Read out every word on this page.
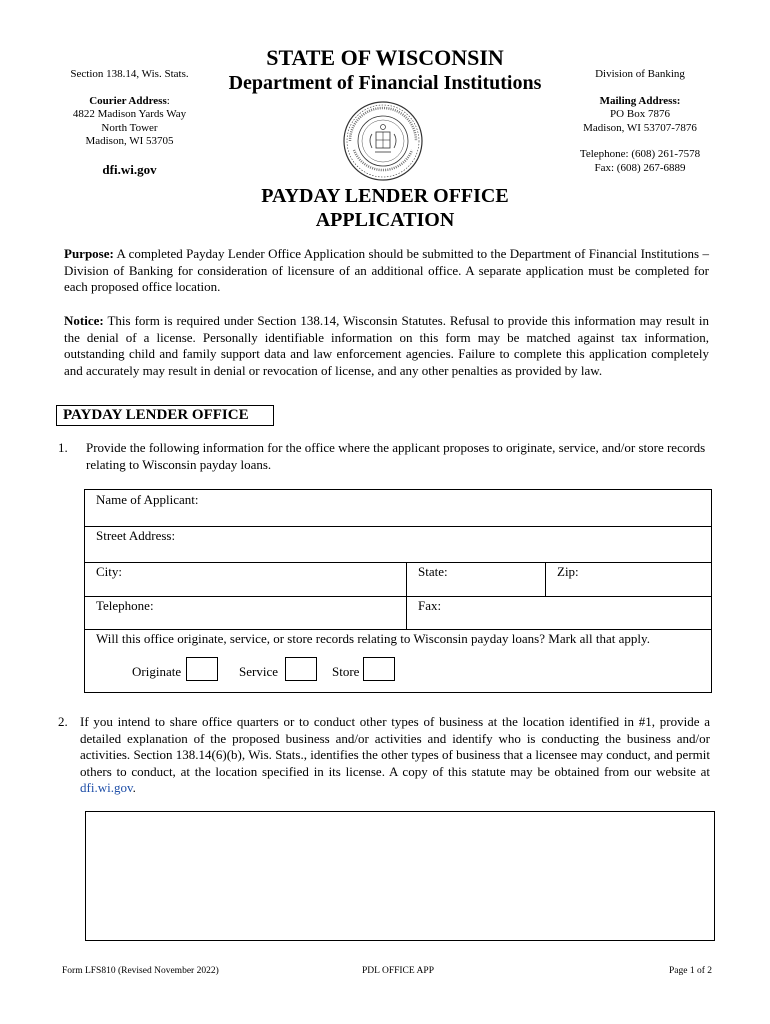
Section 138.14, Wis. Stats.
Courier Address:
4822 Madison Yards Way
North Tower
Madison, WI 53705
dfi.wi.gov
STATE OF WISCONSIN
Department of Financial Institutions	Division of Banking
Mailing Address:
PO Box 7876
Madison, WI 53707-7876
Telephone: (608) 261-7578
Fax: (608) 267-6889
PAYDAY LENDER OFFICE
APPLICATION
Purpose: A completed Payday Lender Office Application should be submitted to the Department of Financial Institutions – Division of Banking for consideration of licensure of an additional office. A separate application must be completed for each proposed office location.
Notice: This form is required under Section 138.14, Wisconsin Statutes. Refusal to provide this information may result in the denial of a license. Personally identifiable information on this form may be matched against tax information, outstanding child and family support data and law enforcement agencies. Failure to complete this application completely and accurately may result in denial or revocation of license, and any other penalties as provided by law.
PAYDAY LENDER OFFICE
1. Provide the following information for the office where the applicant proposes to originate, service, and/or store records relating to Wisconsin payday loans.
Name of Applicant:
Street Address:
City:	State:	Zip:
Telephone:	Fax:
Will this office originate, service, or store records relating to Wisconsin payday loans? Mark all that apply.
Originate	Service	Store
2. If you intend to share office quarters or to conduct other types of business at the location identified in #1, provide a detailed explanation of the proposed business and/or activities and identify who is conducting the business and/or activities. Section 138.14(6)(b), Wis. Stats., identifies the other types of business that a licensee may conduct, and permit others to conduct, at the location specified in its license. A copy of this statute may be obtained from our website at dfi.wi.gov.
Form LFS810 (Revised November 2022)	PDL OFFICE APP	Page 1 of 2
